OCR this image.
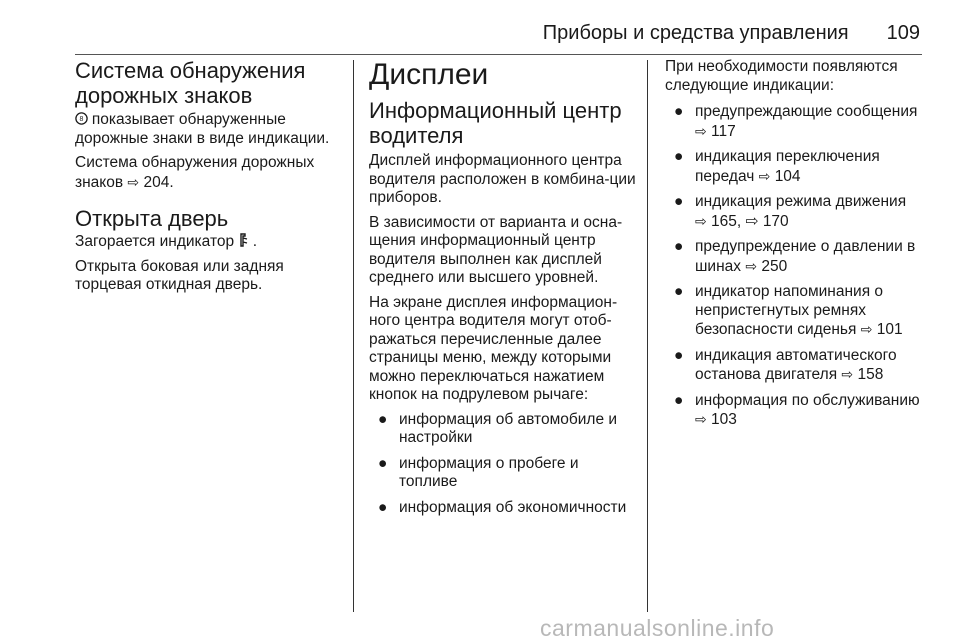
Приборы и средства управления 109
Система обнаружения дорожных знаков

8 показывает обнаруженные дорожные знаки в виде индикации.

Система обнаружения дорожных знаков ⇨ 204.

Открыта дверь

Загорается индикатор .

Открыта боковая или задняя торцевая откидная дверь.

Дисплеи
Информационный центр водителя

Дисплей информационного центра водителя расположен в комбина-ции приборов.

В зависимости от варианта и осна-щения информационный центр водителя выполнен как дисплей среднего или высшего уровней.

На экране дисплея информацион-ного центра водителя могут отоб-ражаться перечисленные далее страницы меню, между которыми можно переключаться нажатием кнопок на подрулевом рычаге:

● информация об автомобиле и настройки
● информация о пробеге и топливе
● информация об экономичности

При необходимости появляются следующие индикации:

● предупреждающие сообщения
⇨ 117
● индикация переключения передач ⇨ 104
● индикация режима движения
⇨ 165, ⇨ 170
● предупреждение о давлении в шинах ⇨ 250
● индикатор напоминания о непристегнутых ремнях безопасности сиденья ⇨ 101
● индикация автоматического останова двигателя ⇨ 158
● информация по обслуживанию
⇨ 103
carmanualsonline.info
